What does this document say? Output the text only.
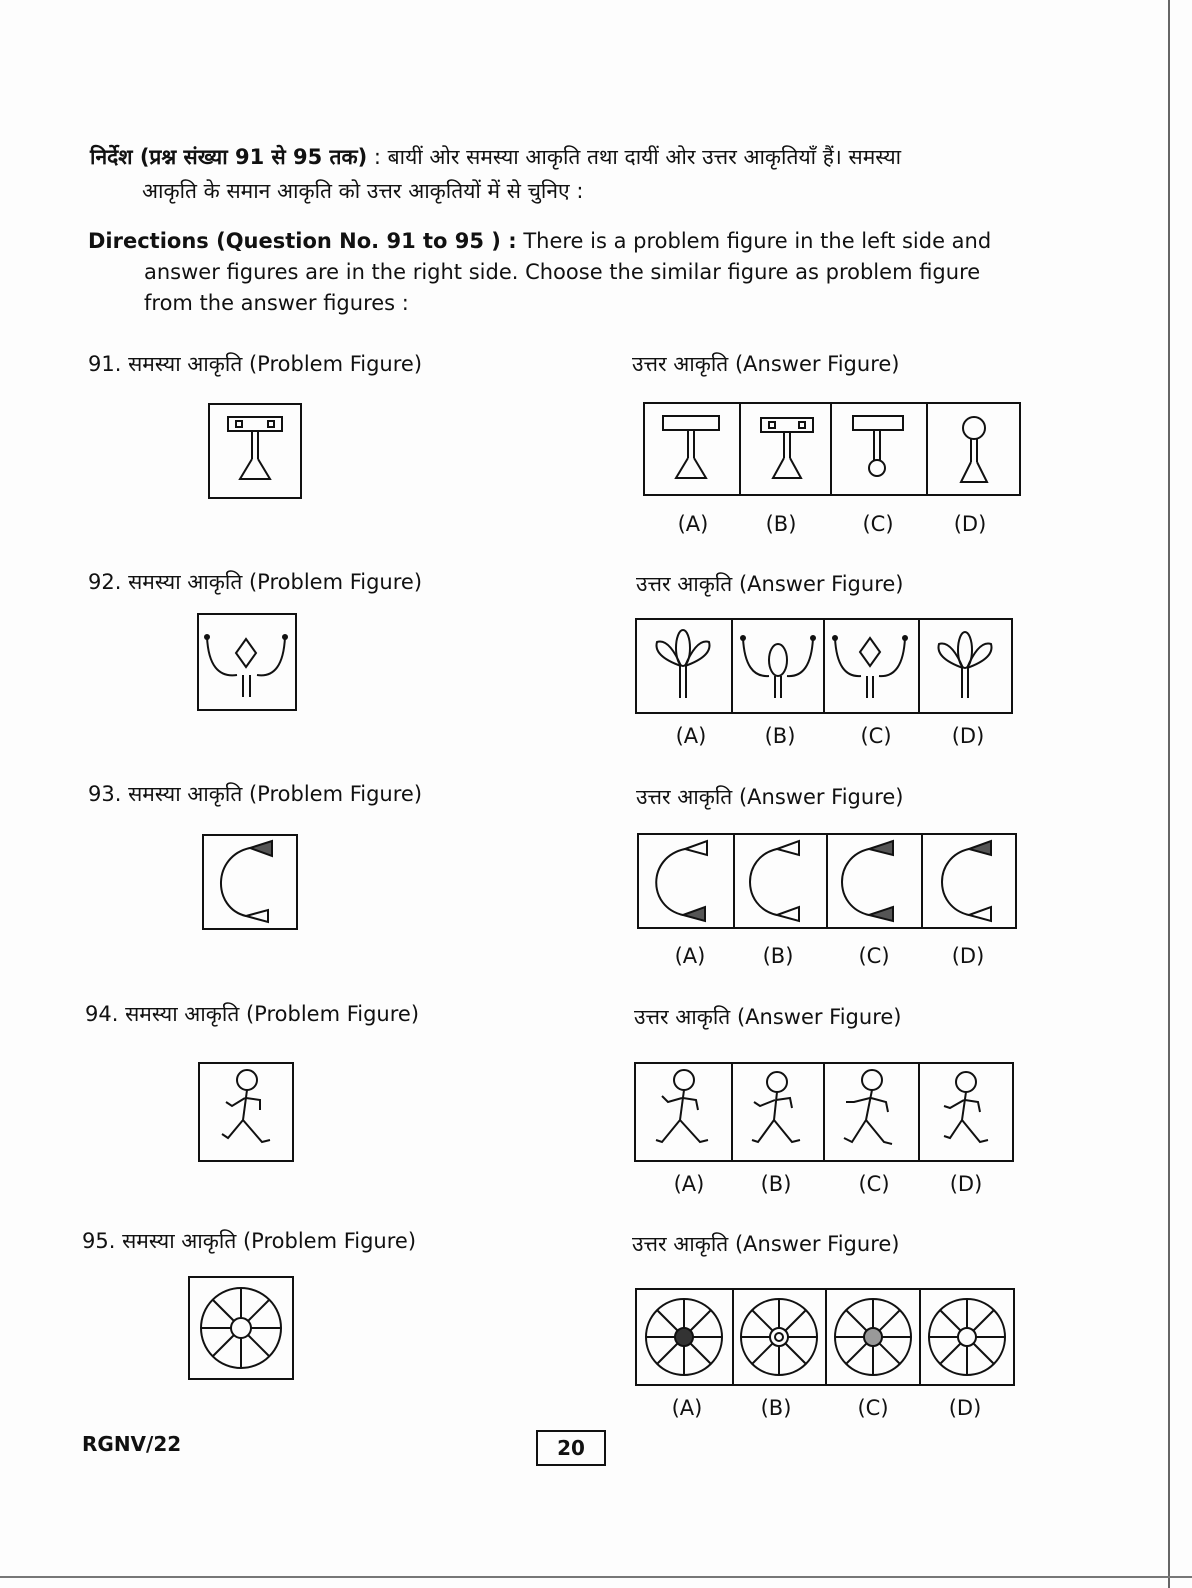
निर्देश (प्रश्न संख्या 91 से 95 तक) : बायीं ओर समस्या आकृति तथा दायीं ओर उत्तर आकृतियाँ हैं। समस्या
आकृति के समान आकृति को उत्तर आकृतियों में से चुनिए :
Directions (Question No. 91 to 95 ) : There is a problem figure in the left side and
answer figures are in the right side. Choose the similar figure as problem figure
from the answer figures :
91. समस्या आकृति (Problem Figure)	उत्तर आकृति (Answer Figure)
(A)	(B)	(C)	(D)
92. समस्या आकृति (Problem Figure)	उत्तर आकृति (Answer Figure)
(A)	(B)	(C)	(D)
93. समस्या आकृति (Problem Figure)	उत्तर आकृति (Answer Figure)
(A)	(B)	(C)	(D)
94. समस्या आकृति (Problem Figure)	उत्तर आकृति (Answer Figure)
(A)	(B)	(C)	(D)
95. समस्या आकृति (Problem Figure)	उत्तर आकृति (Answer Figure)
(A)	(B)	(C)	(D)
RGNV/22	20
